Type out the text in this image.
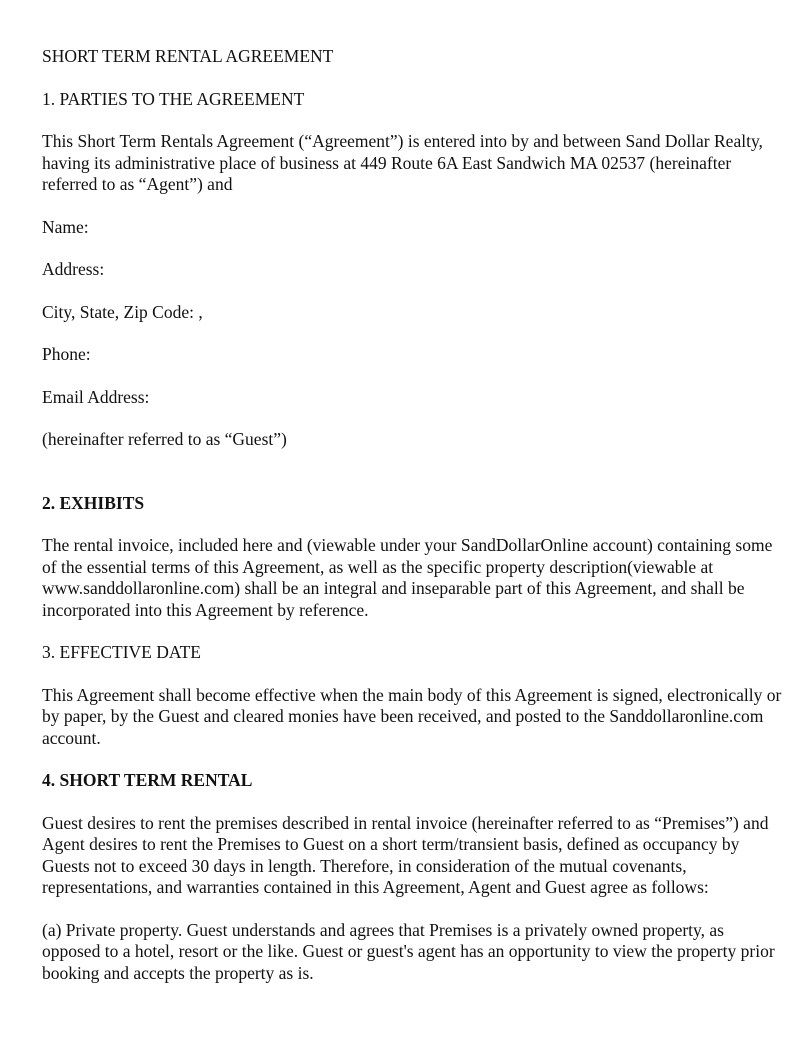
SHORT TERM RENTAL AGREEMENT
1. PARTIES TO THE AGREEMENT

This Short Term Rentals Agreement (“Agreement”) is entered into by and between Sand Dollar Realty, having its administrative place of business at 449 Route 6A East Sandwich MA 02537 (hereinafter referred to as “Agent”) and

Name:
Address:
City, State, Zip Code: ,
Phone:
Email Address:

(hereinafter referred to as “Guest”)

2. EXHIBITS

The rental invoice, included here and (viewable under your SandDollarOnline account) containing some of the essential terms of this Agreement, as well as the specific property description(viewable at www.sanddollaronline.com) shall be an integral and inseparable part of this Agreement, and shall be incorporated into this Agreement by reference.

3. EFFECTIVE DATE

This Agreement shall become effective when the main body of this Agreement is signed, electronically or by paper, by the Guest and cleared monies have been received, and posted to the Sanddollaronline.com account.

4. SHORT TERM RENTAL

Guest desires to rent the premises described in rental invoice (hereinafter referred to as “Premises”) and Agent desires to rent the Premises to Guest on a short term/transient basis, defined as occupancy by Guests not to exceed 30 days in length. Therefore, in consideration of the mutual covenants, representations, and warranties contained in this Agreement, Agent and Guest agree as follows:

(a) Private property. Guest understands and agrees that Premises is a privately owned property, as opposed to a hotel, resort or the like. Guest or guest's agent has an opportunity to view the property prior booking and accepts the property as is.
